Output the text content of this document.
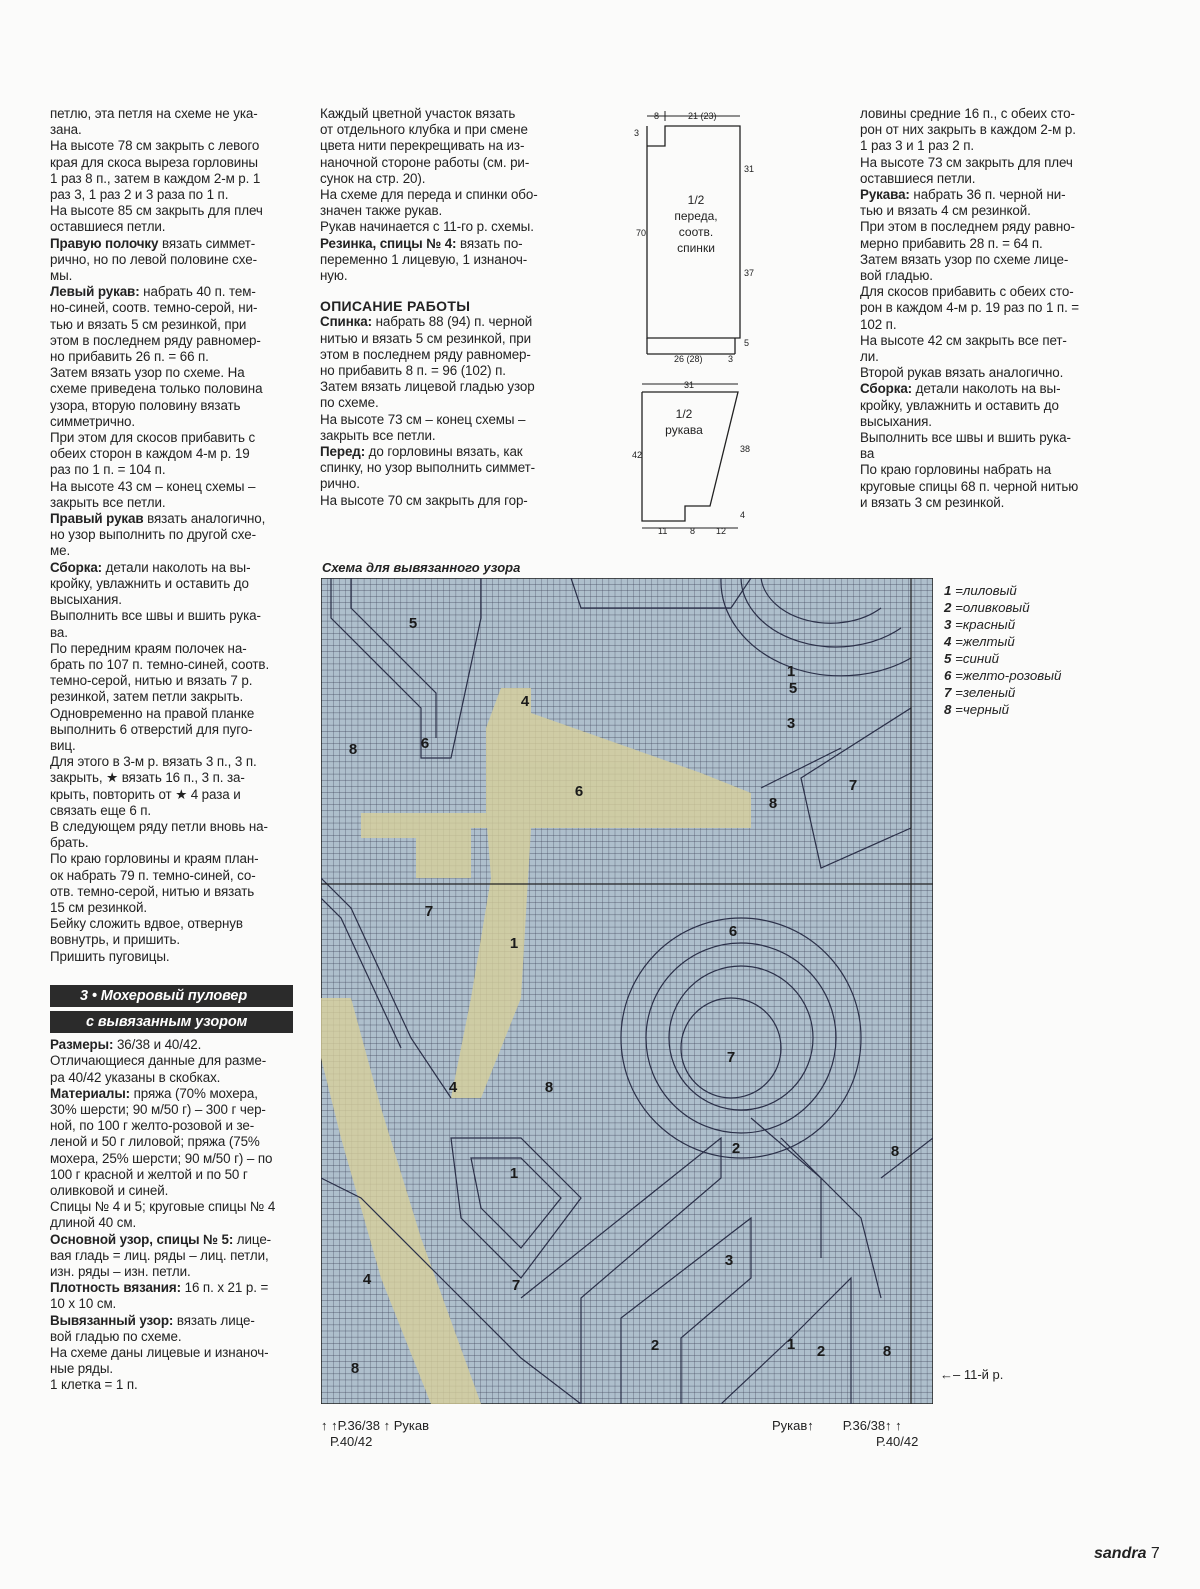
петлю, эта петля на схеме не ука-

зана.

На высоте 78 см закрыть с левого

края для скоса выреза горловины

1 раз 8 п., затем в каждом 2-м р. 1

раз 3, 1 раз 2 и 3 раза по 1 п.

На высоте 85 см закрыть для плеч

оставшиеся петли.

Правую полочку вязать симмет-

рично, но по левой половине схе-

мы.

Левый рукав: набрать 40 п. тем-

но-синей, соотв. темно-серой, ни-

тью и вязать 5 см резинкой, при

этом в последнем ряду равномер-

но прибавить 26 п. = 66 п.

Затем вязать узор по схеме. На

схеме приведена только половина

узора, вторую половину вязать

симметрично.

При этом для скосов прибавить с

обеих сторон в каждом 4-м р. 19

раз по 1 п. = 104 п.

На высоте 43 см – конец схемы –

закрыть все петли.

Правый рукав вязать аналогично,

но узор выполнить по другой схе-

ме.

Сборка: детали наколоть на вы-

кройку, увлажнить и оставить до

высыхания.

Выполнить все швы и вшить рука-

ва.

По передним краям полочек на-

брать по 107 п. темно-синей, соотв.

темно-серой, нитью и вязать 7 р.

резинкой, затем петли закрыть.

Одновременно на правой планке

выполнить 6 отверстий для пуго-

виц.

Для этого в 3-м р. вязать 3 п., 3 п.

закрыть, ★ вязать 16 п., 3 п. за-

крыть, повторить от ★ 4 раза и

связать еще 6 п.

В следующем ряду петли вновь на-

брать.

По краю горловины и краям план-

ок набрать 79 п. темно-синей, со-

отв. темно-серой, нитью и вязать

15 см резинкой.

Бейку сложить вдвое, отвернув

вовнутрь, и пришить.

Пришить пуговицы.

3 • Мохеровый пуловер
с вывязанным узором

Размеры: 36/38 и 40/42.

Отличающиеся данные для разме-

ра 40/42 указаны в скобках.

Материалы: пряжа (70% мохера,

30% шерсти; 90 м/50 г) – 300 г чер-

ной, по 100 г желто-розовой и зе-

леной и 50 г лиловой; пряжа (75%

мохера, 25% шерсти; 90 м/50 г) – по

100 г красной и желтой и по 50 г

оливковой и синей.

Спицы № 4 и 5; круговые спицы № 4

длиной 40 см.

Основной узор, спицы № 5: лице-

вая гладь = лиц. ряды – лиц. петли,

изн. ряды – изн. петли.

Плотность вязания: 16 п. х 21 р. =

10 х 10 см.

Вывязанный узор: вязать лице-

вой гладью по схеме.

На схеме даны лицевые и изнаноч-

ные ряды.

1 клетка = 1 п.

Каждый цветной участок вязать

от отдельного клубка и при смене

цвета нити перекрещивать на из-

наночной стороне работы (см. ри-

сунок на стр. 20).

На схеме для переда и спинки обо-

значен также рукав.

Рукав начинается с 11-го р. схемы.

Резинка, спицы № 4: вязать по-

переменно 1 лицевую, 1 изнаноч-

ную.

ОПИСАНИЕ РАБОТЫ

Спинка: набрать 88 (94) п. черной

нитью и вязать 5 см резинкой, при

этом в последнем ряду равномер-

но прибавить 8 п. = 96 (102) п.

Затем вязать лицевой гладью узор

по схеме.

На высоте 73 см – конец схемы –

закрыть все петли.

Перед: до горловины вязать, как

спинку, но узор выполнить симмет-

рично.

На высоте 70 см закрыть для гор-

ловины средние 16 п., с обеих сто-

рон от них закрыть в каждом 2-м р.

1 раз 3 и 1 раз 2 п.

На высоте 73 см закрыть для плеч

оставшиеся петли.

Рукава: набрать 36 п. черной ни-

тью и вязать 4 см резинкой.

При этом в последнем ряду равно-

мерно прибавить 28 п. = 64 п.

Затем вязать узор по схеме лице-

вой гладью.

Для скосов прибавить с обеих сто-

рон в каждом 4-м р. 19 раз по 1 п. =

102 п.

На высоте 42 см закрыть все пет-

ли.

Второй рукав вязать аналогично.

Сборка: детали наколоть на вы-

кройку, увлажнить и оставить до

высыхания.

Выполнить все швы и вшить рука-

ва

По краю горловины набрать на

круговые спицы 68 п. черной нитью

и вязать 3 см резинкой.

8	21 (23)
3
70
31
37
5
26 (28)	3
31
42
38
4
11	8 12
1/2
переда,
соотв.
спинки
1/2
рукава
Схема для вывязанного узора
5
6
5
3
4
8
6
1
7
8
7
6
1
7
4	8
2	8
1
3
7
4
2	1	8
2
8
1 =лиловый
2 =оливковый
3 =красный
4 =желтый
5 =синий
6 =желто-розовый
7 =зеленый
8 =черный
←– 11-й р.
↑ ↑Р.36/38 ↑ Рукав
Р.40/42
Рукав↑        Р.36/38↑ ↑
Р.40/42
sandra 7
